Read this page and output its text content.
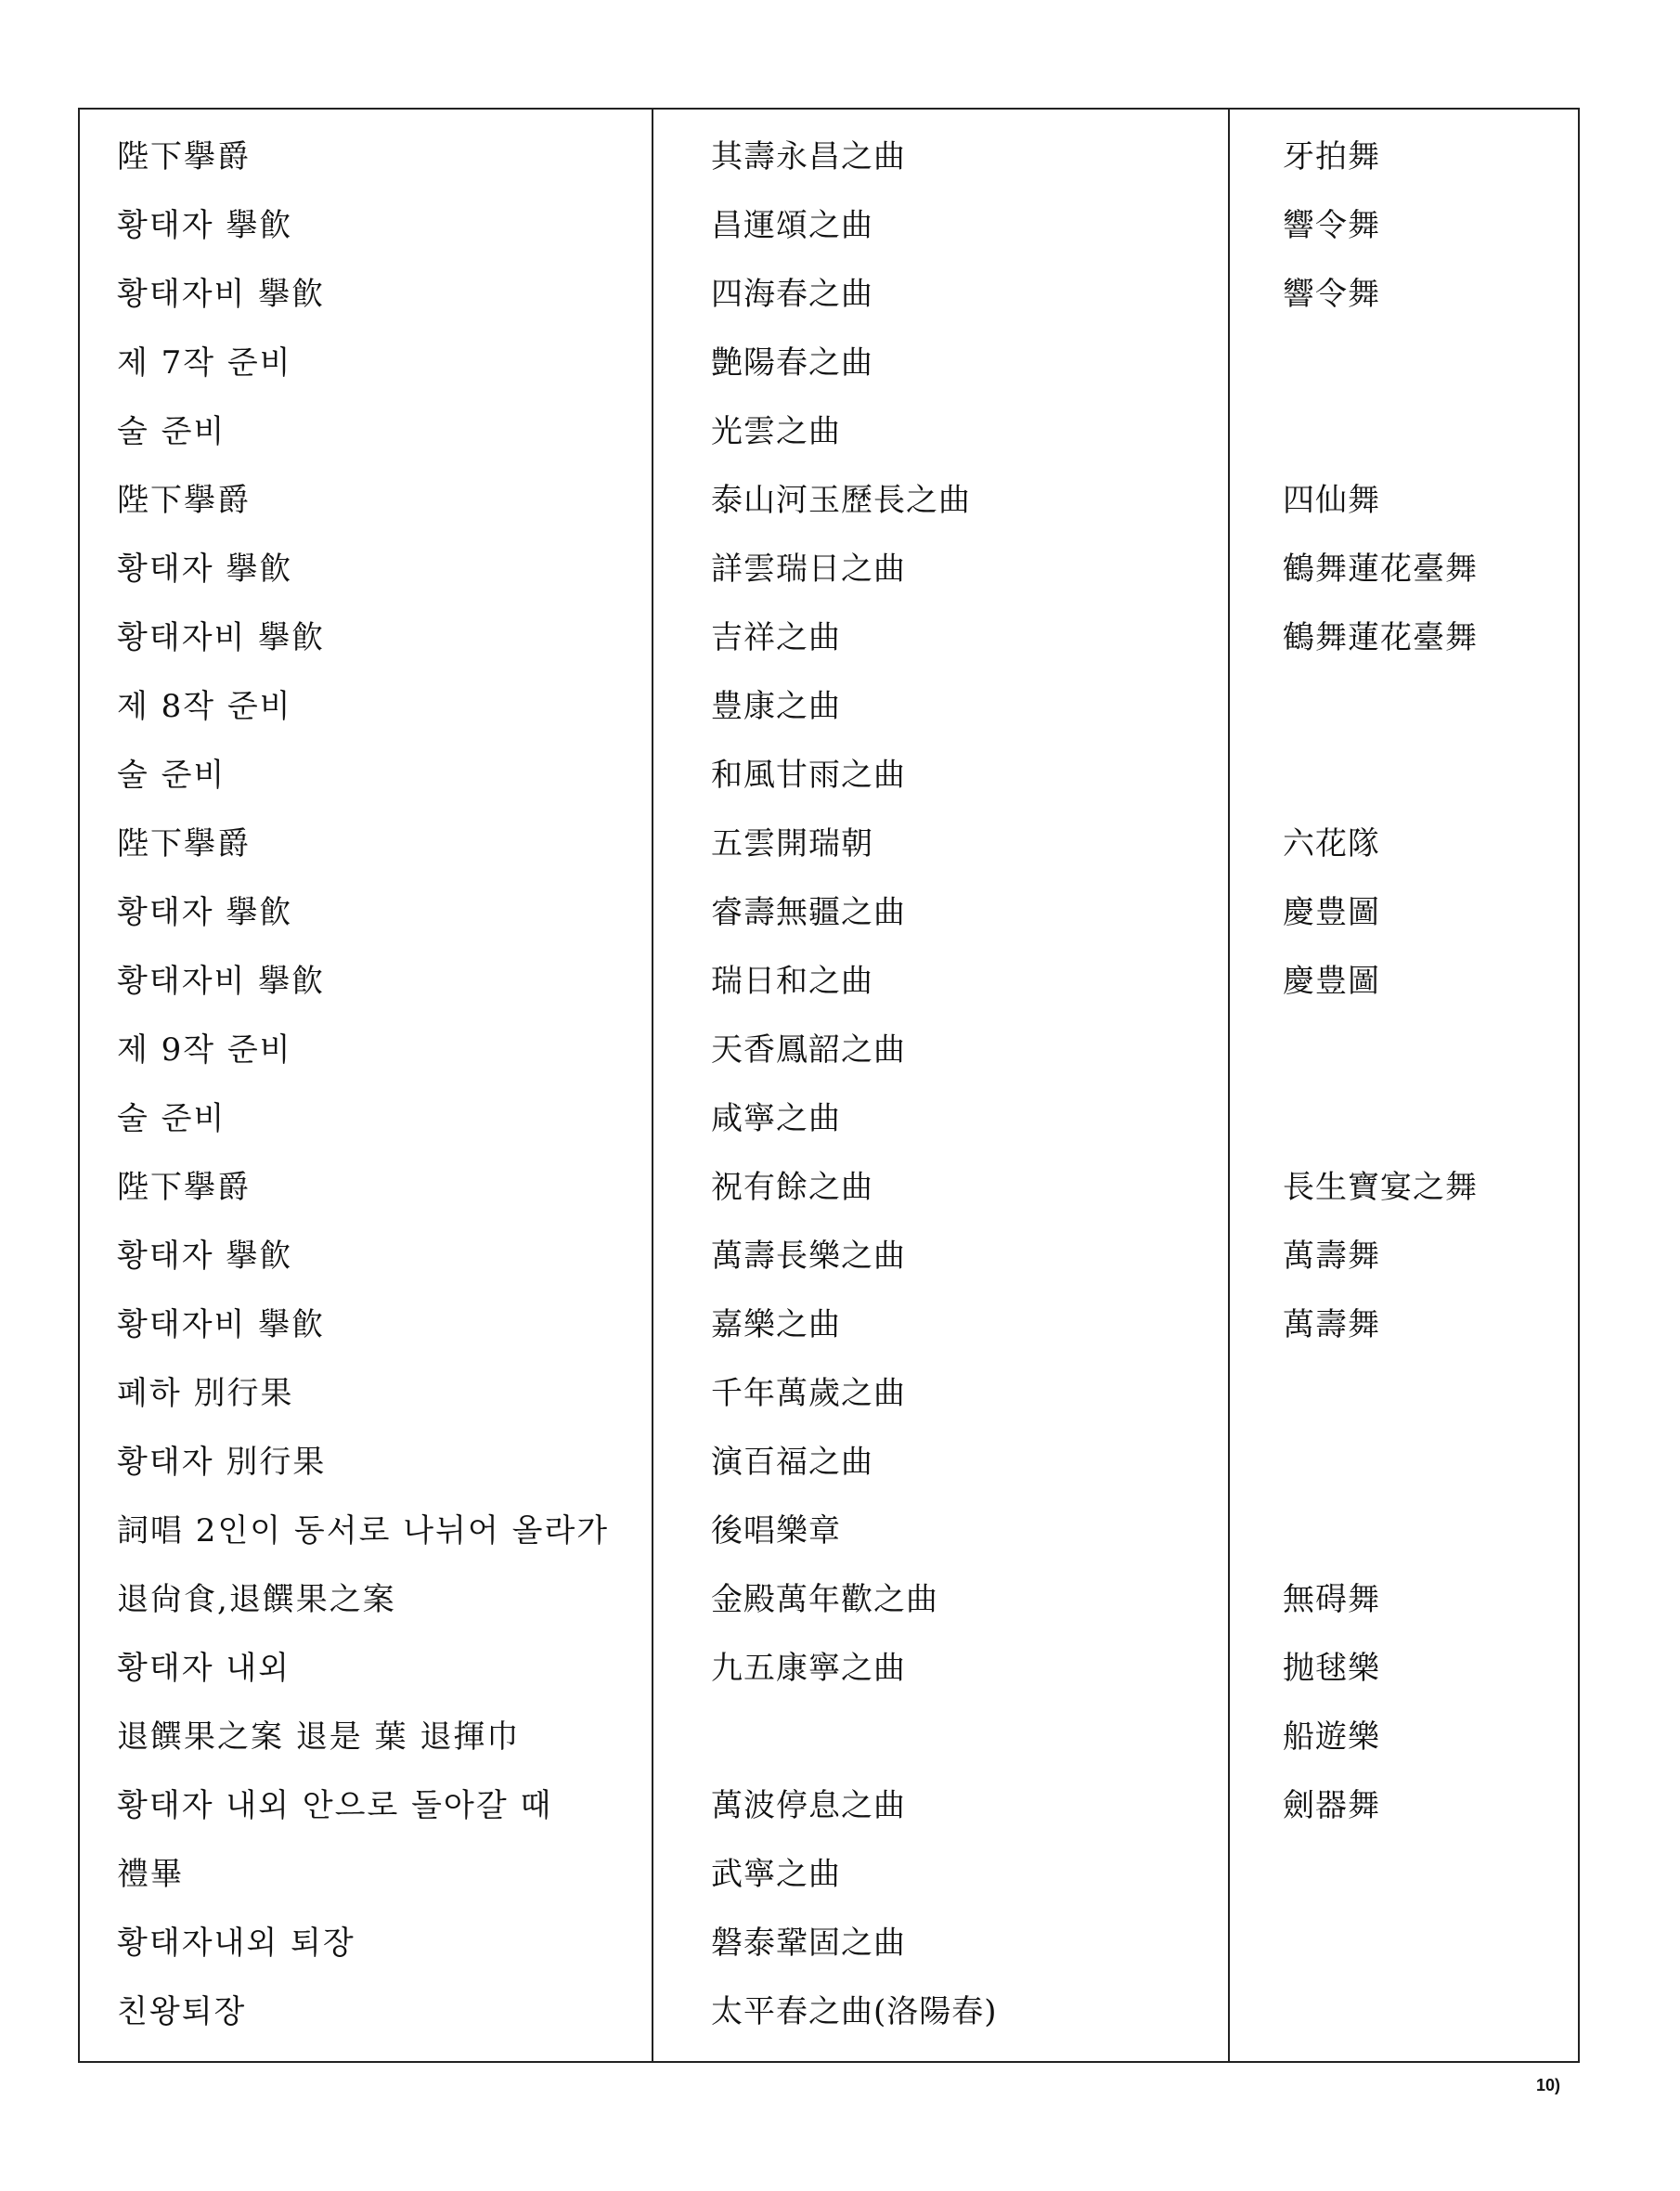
陛下擧爵
황태자 擧飮
황태자비 擧飮
제 7작 준비
술 준비
陛下擧爵
황태자 擧飮
황태자비 擧飮
제 8작 준비
술 준비
陛下擧爵
황태자 擧飮
황태자비 擧飮
제 9작 준비
술 준비
陛下擧爵
황태자 擧飮
황태자비 擧飮
폐하 別行果
황태자 別行果
詞唱 2인이 동서로 나뉘어 올라가
退尙食,退饌果之案
황태자 내외
退饌果之案 退是 葉 退揮巾
황태자 내외 안으로 돌아갈 때
禮畢
황태자내외 퇴장
친왕퇴장
其壽永昌之曲
昌運頌之曲
四海春之曲
艶陽春之曲
光雲之曲
泰山河玉歷長之曲
詳雲瑞日之曲
吉祥之曲
豊康之曲
和風甘雨之曲
五雲開瑞朝
睿壽無疆之曲
瑞日和之曲
天香鳳韶之曲
咸寧之曲
祝有餘之曲
萬壽長樂之曲
嘉樂之曲
千年萬歲之曲
演百福之曲
後唱樂章
金殿萬年歡之曲
九五康寧之曲
萬波停息之曲
武寧之曲
磐泰鞏固之曲
太平春之曲(洛陽春)
牙拍舞
響令舞
響令舞
四仙舞
鶴舞蓮花臺舞
鶴舞蓮花臺舞
六花隊
慶豊圖
慶豊圖
長生寶宴之舞
萬壽舞
萬壽舞
無碍舞
抛毬樂
船遊樂
劍器舞
10)
